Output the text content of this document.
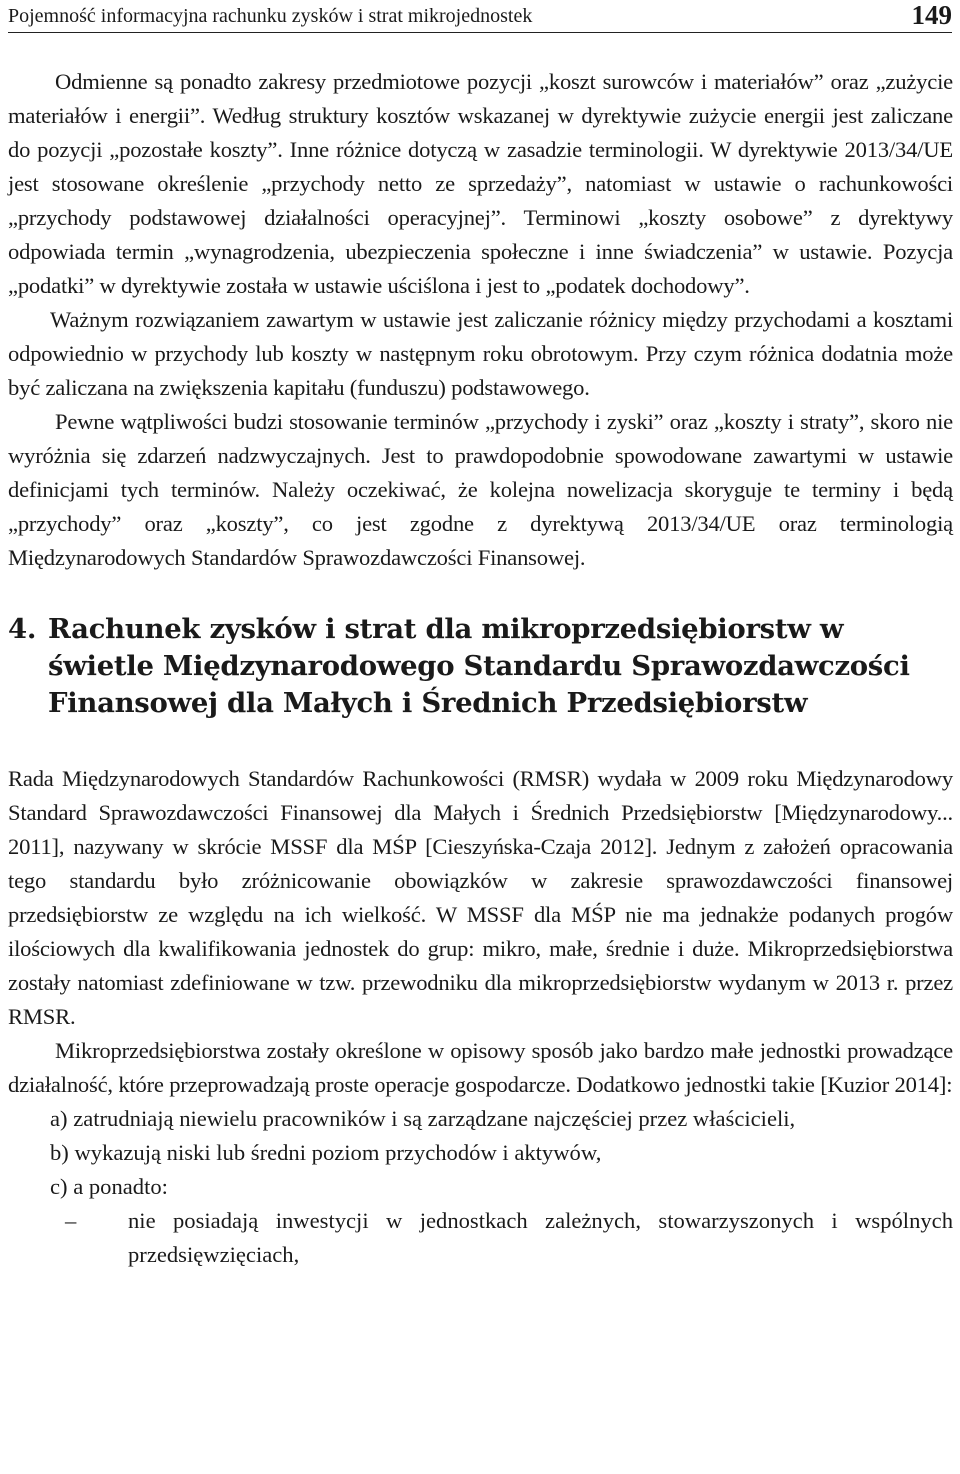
Pojemność informacyjna rachunku zysków i strat mikrojednostek	149

Odmienne są ponadto zakresy przedmiotowe pozycji „koszt surowców i materiałów” oraz „zużycie materiałów i energii”. Według struktury kosztów wskazanej w dyrektywie zużycie energii jest zaliczane do pozycji „pozostałe koszty”. Inne różnice dotyczą w zasadzie terminologii. W dyrektywie 2013/34/UE jest stosowane określenie „przychody netto ze sprzedaży”, natomiast w ustawie o rachunkowości „przychody podstawowej działalności operacyjnej”. Terminowi „koszty osobowe” z dyrektywy odpowiada termin „wynagrodzenia, ubezpieczenia społeczne i inne świadczenia” w ustawie. Pozycja „podatki” w dyrektywie została w ustawie uściślona i jest to „podatek dochodowy”.

Ważnym rozwiązaniem zawartym w ustawie jest zaliczanie różnicy między przychodami a kosztami odpowiednio w przychody lub koszty w następnym roku obrotowym. Przy czym różnica dodatnia może być zaliczana na zwiększenia kapitału (funduszu) podstawowego.

Pewne wątpliwości budzi stosowanie terminów „przychody i zyski” oraz „koszty i straty”, skoro nie wyróżnia się zdarzeń nadzwyczajnych. Jest to prawdopodobnie spowodowane zawartymi w ustawie definicjami tych terminów. Należy oczekiwać, że kolejna nowelizacja skoryguje te terminy i będą „przychody” oraz „koszty”, co jest zgodne z dyrektywą 2013/34/UE oraz terminologią Międzynarodowych Standardów Sprawozdawczości Finansowej.

4. Rachunek zysków i strat dla mikroprzedsiębiorstw w świetle Międzynarodowego Standardu Sprawozdawczości Finansowej dla Małych i Średnich Przedsiębiorstw

Rada Międzynarodowych Standardów Rachunkowości (RMSR) wydała w 2009 roku Międzynarodowy Standard Sprawozdawczości Finansowej dla Małych i Średnich Przedsiębiorstw [Międzynarodowy... 2011], nazywany w skrócie MSSF dla MŚP [Cieszyńska-Czaja 2012]. Jednym z założeń opracowania tego standardu było zróżnicowanie obowiązków w zakresie sprawozdawczości finansowej przedsiębiorstw ze względu na ich wielkość. W MSSF dla MŚP nie ma jednakże podanych progów ilościowych dla kwalifikowania jednostek do grup: mikro, małe, średnie i duże. Mikroprzedsiębiorstwa zostały natomiast zdefiniowane w tzw. przewodniku dla mikroprzedsiębiorstw wydanym w 2013 r. przez RMSR.

Mikroprzedsiębiorstwa zostały określone w opisowy sposób jako bardzo małe jednostki prowadzące działalność, które przeprowadzają proste operacje gospodarcze. Dodatkowo jednostki takie [Kuzior 2014]:

a) zatrudniają niewielu pracowników i są zarządzane najczęściej przez właścicieli,
b) wykazują niski lub średni poziom przychodów i aktywów,
c) a ponadto:
–	nie posiadają inwestycji w jednostkach zależnych, stowarzyszonych i wspólnych przedsięwzięciach,
